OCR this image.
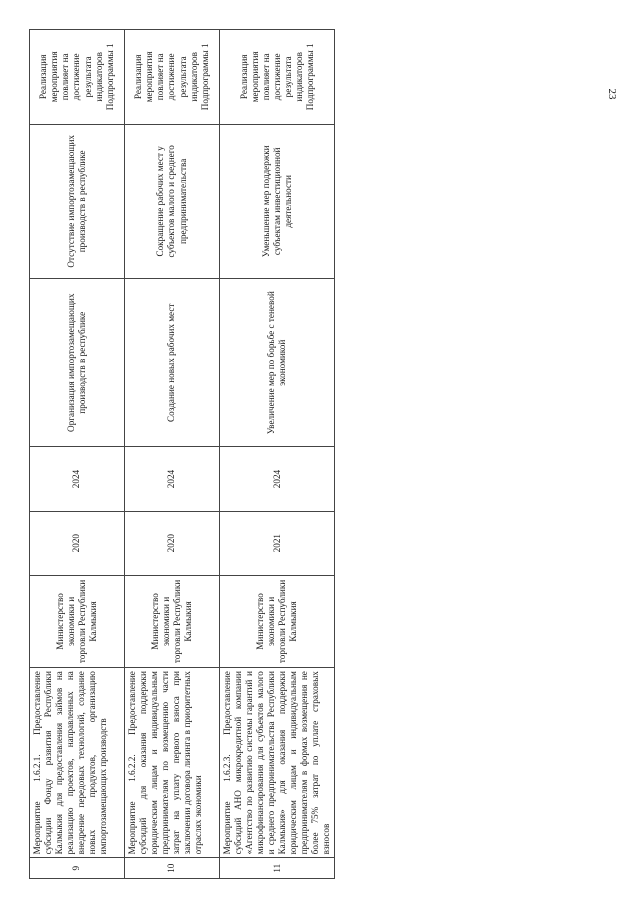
23
9	Мероприятие 1.6.2.1. Предоставление субсидии Фонду развития Республики Калмыкия для предоставления займов на реализацию проектов, направленных на внедрение передовых технологий, создание новых продуктов, организацию импортозамещающих производств	Министерство экономики и торговли Республики Калмыкия	2020	2024	Организация импортозамещающих производств в республике	Отсутствие импортозамещающих производств в республике	Реализация мероприятия повлияет на достижение результата индикаторов Подпрограммы 1
10	Мероприятие 1.6.2.2. Предоставление субсидий для оказания поддержки юридическим лицам и индивидуальным предпринимателям по возмещению части затрат на уплату первого взноса при заключении договора лизинга в приоритетных отраслях экономики	Министерство экономики и торговли Республики Калмыкия	2020	2024	Создание новых рабочих мест	Сокращение рабочих мест у субъектов малого и среднего предпринимательства	Реализация мероприятия повлияет на достижение результата индикаторов Подпрограммы 1
11	Мероприятие 1.6.2.3. Предоставление субсидий АНО микрокредитной компании «Агентство по развитию системы гарантий и микрофинансирования для субъектов малого и среднего предпринимательства Республики Калмыкия» для оказания поддержки юридическим лицам и индивидуальным предпринимателям в формах возмещения не более 75% затрат по уплате страховых взносов	Министерство экономики и торговли Республики Калмыкия	2021	2024	Увеличение мер по борьбе с теневой экономикой	Уменьшение мер поддержки субъектам инвестиционной деятельности	Реализация мероприятия повлияет на достижение результата индикаторов Подпрограммы 1
